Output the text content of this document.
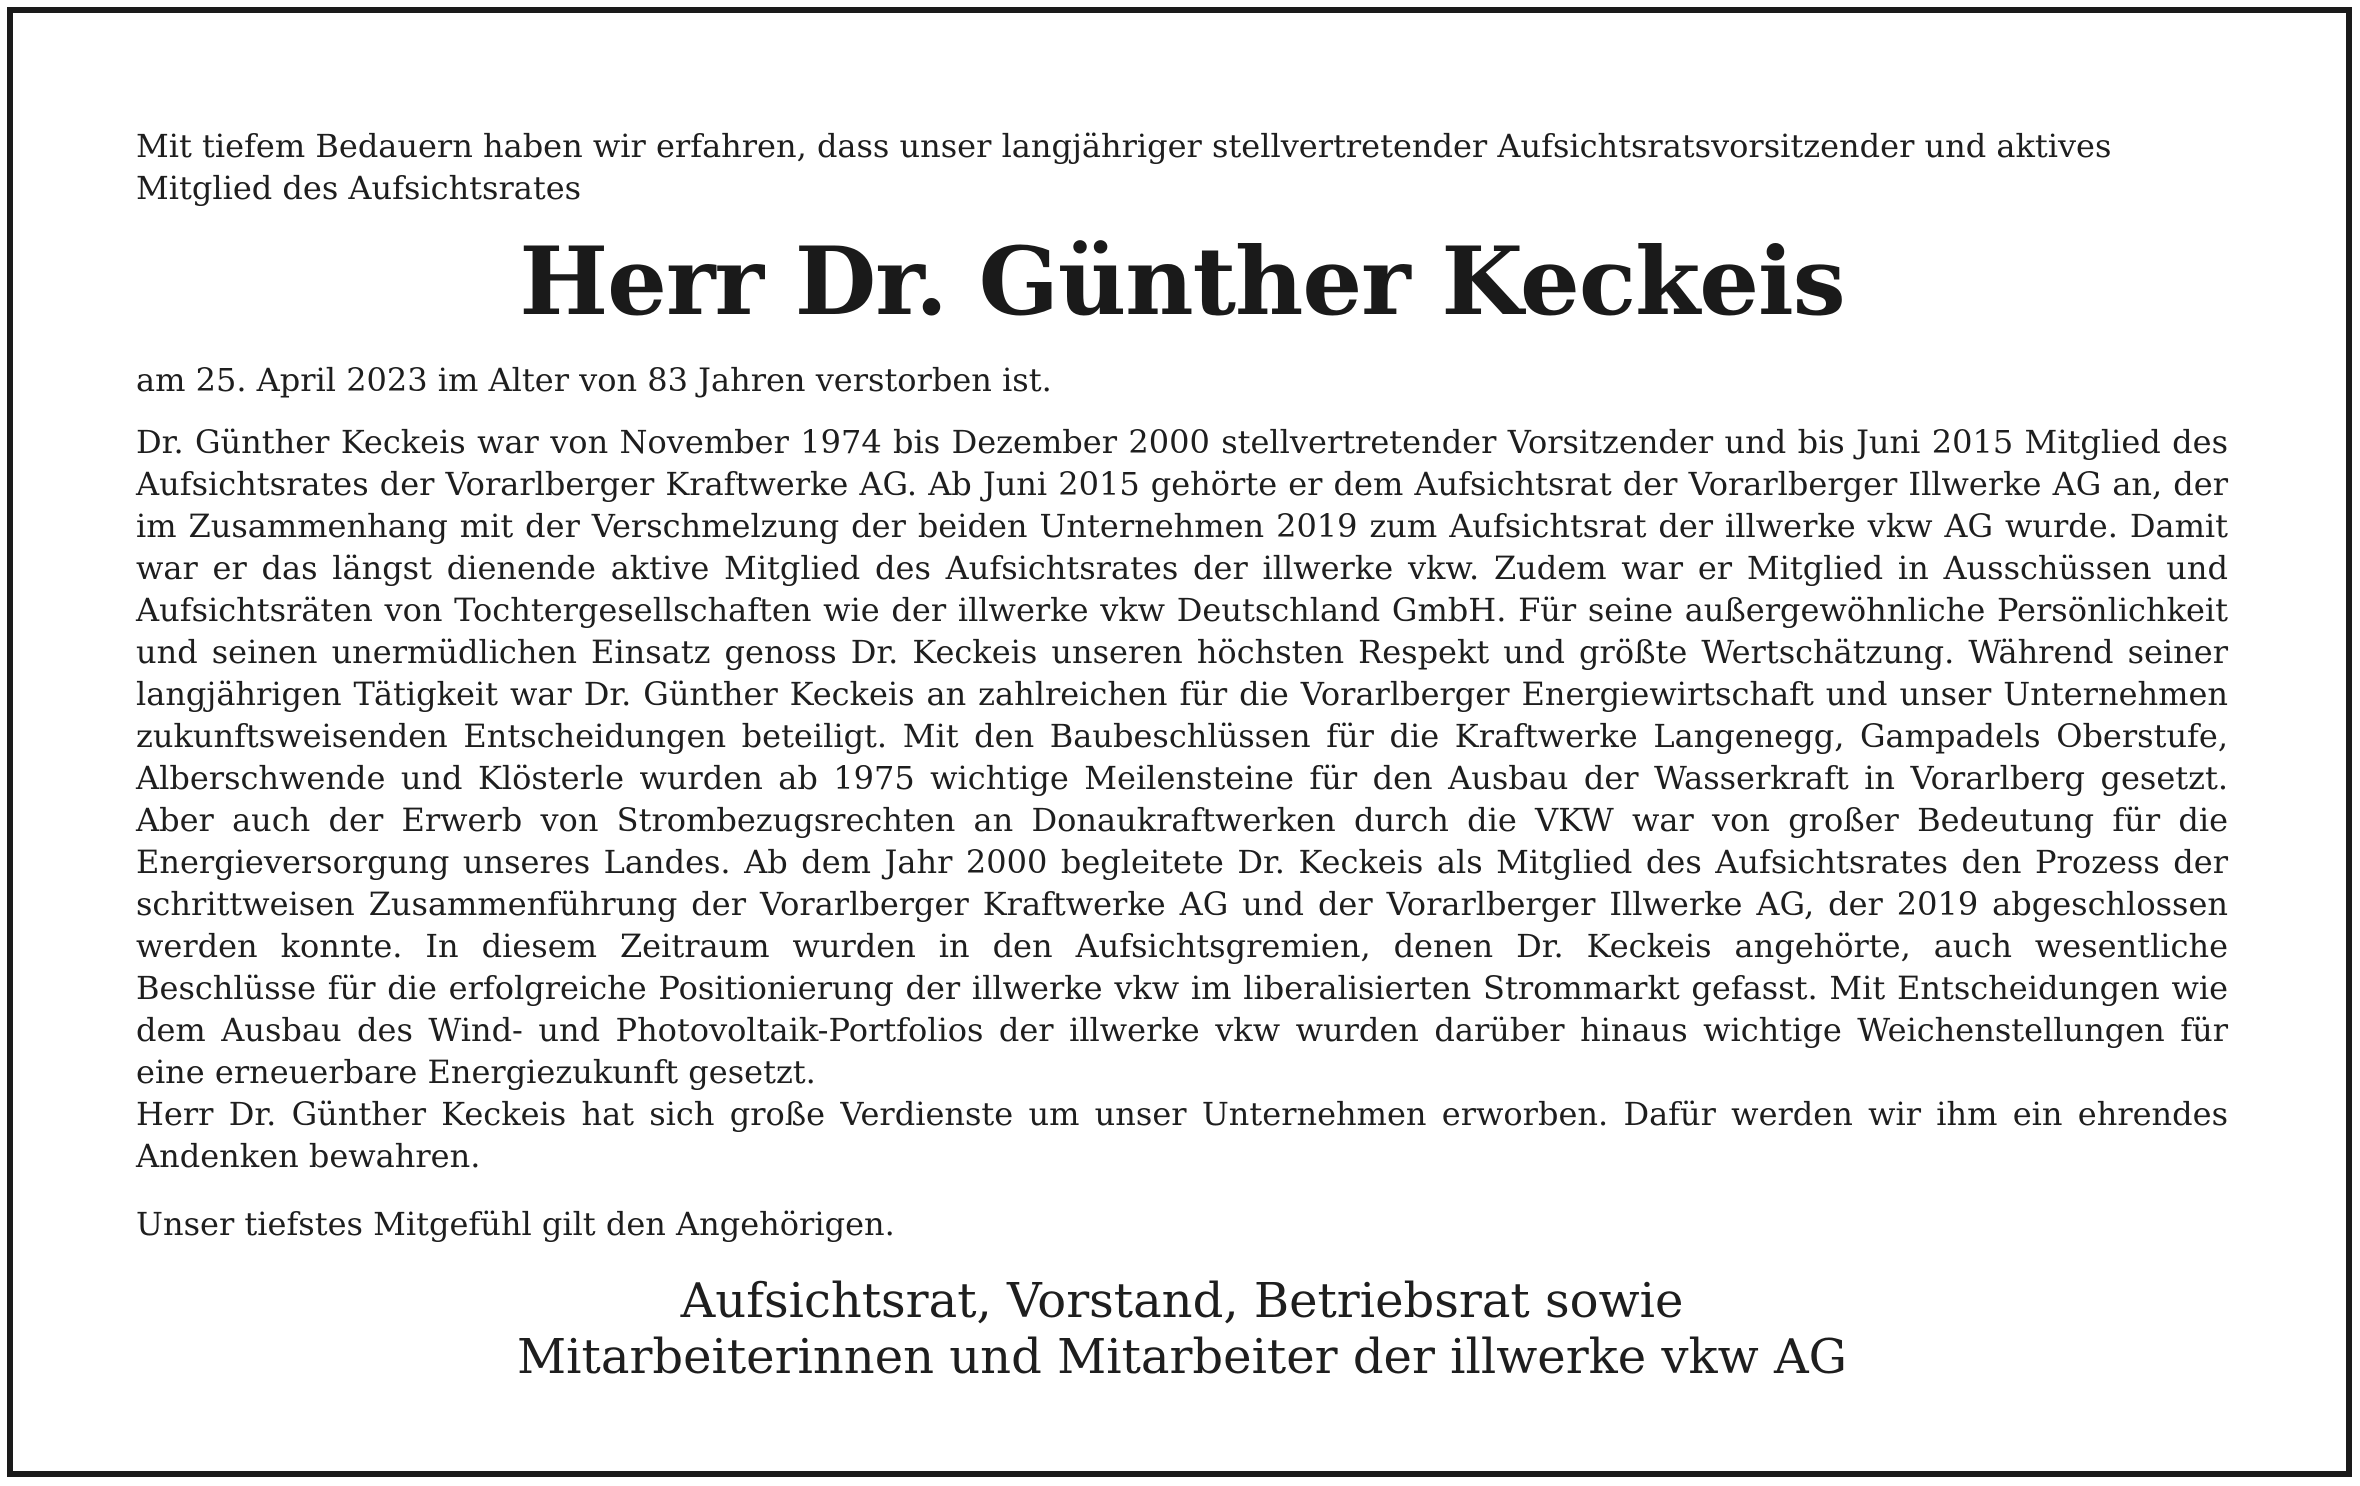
Mit tiefem Bedauern haben wir erfahren, dass unser langjähriger stellvertretender Aufsichtsratsvorsitzender und aktives Mitglied des Aufsichtsrates

Herr Dr. Günther Keckeis

am 25. April 2023 im Alter von 83 Jahren verstorben ist.

Dr. Günther Keckeis war von November 1974 bis Dezember 2000 stellvertretender Vorsitzender und bis Juni 2015 Mitglied des Aufsichtsrates der Vorarlberger Kraftwerke AG. Ab Juni 2015 gehörte er dem Aufsichtsrat der Vorarlberger Illwerke AG an, der im Zusammenhang mit der Verschmelzung der beiden Unternehmen 2019 zum Aufsichtsrat der illwerke vkw AG wurde. Damit war er das längst dienende aktive Mitglied des Aufsichtsrates der illwerke vkw. Zudem war er Mitglied in Ausschüssen und Aufsichtsräten von Tochtergesellschaften wie der illwerke vkw Deutschland GmbH. Für seine außergewöhnliche Persönlichkeit und seinen unermüdlichen Einsatz genoss Dr. Keckeis unseren höchsten Respekt und größte Wertschätzung. Während seiner langjährigen Tätigkeit war Dr. Günther Keckeis an zahlreichen für die Vorarlberger Energiewirtschaft und unser Unternehmen zukunftsweisenden Entscheidungen beteiligt. Mit den Baubeschlüssen für die Kraftwerke Langenegg, Gampadels Oberstufe, Alberschwende und Klösterle wurden ab 1975 wichtige Meilensteine für den Ausbau der Wasserkraft in Vorarlberg gesetzt. Aber auch der Erwerb von Strombezugsrechten an Donaukraftwerken durch die VKW war von großer Bedeutung für die Energieversorgung unseres Landes. Ab dem Jahr 2000 begleitete Dr. Keckeis als Mitglied des Aufsichtsrates den Prozess der schrittweisen Zusammenführung der Vorarlberger Kraftwerke AG und der Vorarlberger Illwerke AG, der 2019 abgeschlossen werden konnte. In diesem Zeitraum wurden in den Aufsichtsgremien, denen Dr. Keckeis angehörte, auch wesentliche Beschlüsse für die erfolgreiche Positionierung der illwerke vkw im liberalisierten Strommarkt gefasst. Mit Entscheidungen wie dem Ausbau des Wind- und Photovoltaik-Portfolios der illwerke vkw wurden darüber hinaus wichtige Weichenstellungen für eine erneuerbare Energiezukunft gesetzt.

Herr Dr. Günther Keckeis hat sich große Verdienste um unser Unternehmen erworben. Dafür werden wir ihm ein ehrendes Andenken bewahren.

Unser tiefstes Mitgefühl gilt den Angehörigen.

Aufsichtsrat, Vorstand, Betriebsrat sowie
Mitarbeiterinnen und Mitarbeiter der illwerke vkw AG
